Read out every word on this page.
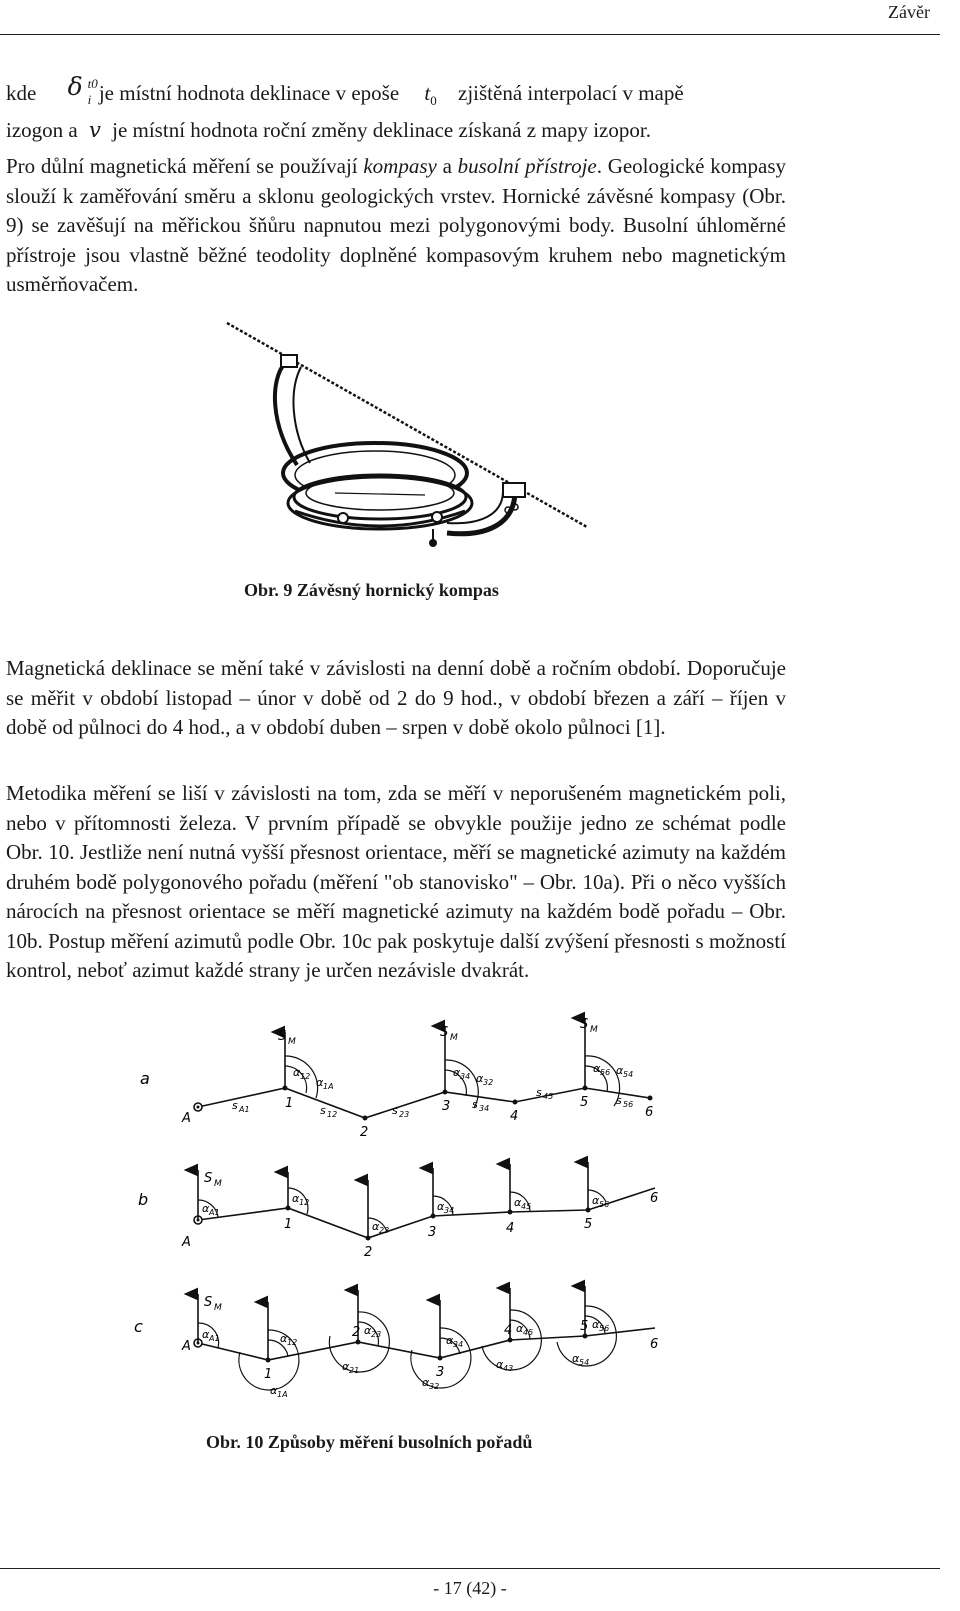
Závěr
kde δ t0
i je místní hodnota deklinace v epoše $t_0$ zjištěná interpolací v mapě
izogon a v je místní hodnota roční změny deklinace získaná z mapy izopor.

Pro důlní magnetická měření se používají kompasy a busolní přístroje. Geologické kompasy slouží k zaměřování směru a sklonu geologických vrstev. Hornické závěsné kompasy (Obr. 9) se zavěšují na měřickou šňůru napnutou mezi polygonovými body. Busolní úhloměrné přístroje jsou vlastně běžné teodolity doplněné kompasovým kruhem nebo magnetickým usměrňovačem.

Obr. 9 Závěsný hornický kompas

Magnetická deklinace se mění také v závislosti na denní době a ročním období. Doporučuje se měřit v období listopad – únor v době od 2 do 9 hod., v období březen a září – říjen v době od půlnoci do 4 hod., a v období duben – srpen v době okolo půlnoci [1].

Metodika měření se liší v závislosti na tom, zda se měří v neporušeném magnetickém poli, nebo v přítomnosti železa. V prvním případě se obvykle použije jedno ze schémat podle Obr. 10. Jestliže není nutná vyšší přesnost orientace, měří se magnetické azimuty na každém druhém bodě polygonového pořadu (měření "ob stanovisko" – Obr. 10a). Při o něco vyšších nárocích na přesnost orientace se měří magnetické azimuty na každém bodě pořadu – Obr. 10b. Postup měření azimutů podle Obr. 10c pak poskytuje další zvýšení přesnosti s možností kontrol, neboť azimut každé strany je určen nezávisle dvakrát.

a
S M
S M
S M
A
1
2
3
4
5
6
s A1	s 12	s 23
s 34
s 45	s 56
α 12 α 1A
α 34 α 32
α 56 α 54
b
S M
A
1
2
3	4	5
6
α A1
α 12
α 23
α 34
α 45	α 56
c
S M
A
1
2
3
4	5
6
α A1	α 12
α 1A
α 21
α 23
α 32
α 34
α 43
α 45
α 54
α 56
Obr. 10 Způsoby měření busolních pořadů
- 17 (42) -
